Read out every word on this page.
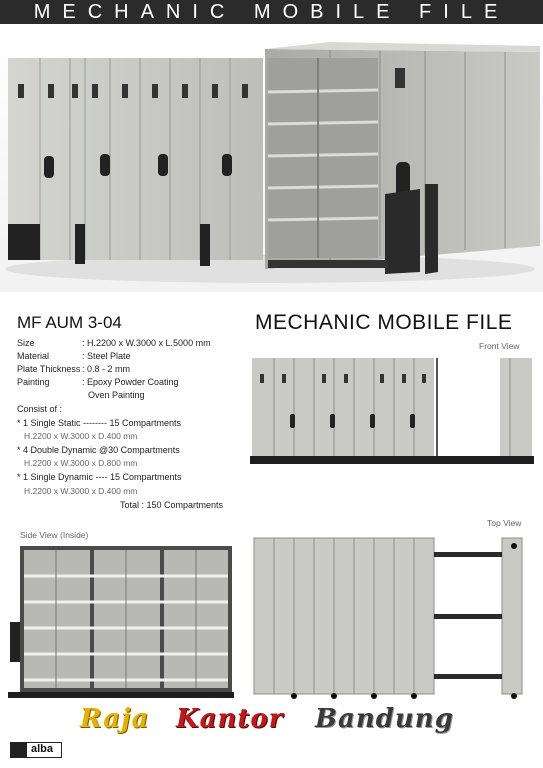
MECHANIC MOBILE FILE
MF AUM 3-04	MECHANIC MOBILE FILE
Size	: H.2200 x W.3000 x L.5000 mm
Material	: Steel Plate
Plate Thickness : 0.8 - 2 mm
Painting	: Epoxy Powder Coating
Oven Painting
Consist of :
* 1 Single Static -------- 15 Compartments
H.2200 x W.3000 x D.400 mm
* 4 Double Dynamic @30 Compartments
H.2200 x W.3000 x D.800 mm
* 1 Single Dynamic ---- 15 Compartments
H.2200 x W.3000 x D.400 mm
Total : 150 Compartments
Front View
Side View (Inside)
Top View
Raja Kantor Bandung
alba
